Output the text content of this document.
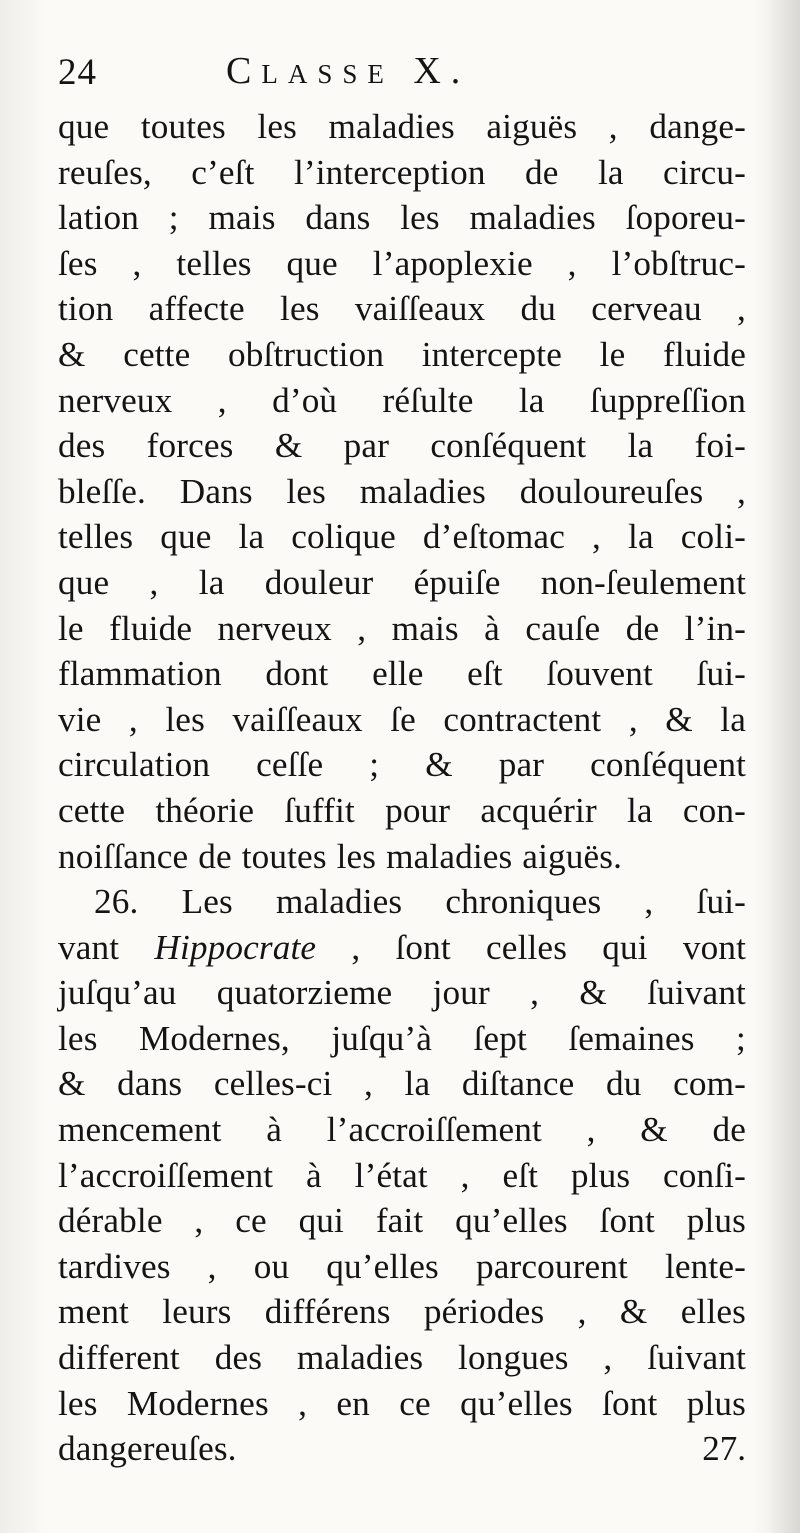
24	Classe X.
que toutes les maladies aiguës , dange-
reuſes, c’eſt l’interception de la circu-
lation ; mais dans les maladies ſoporeu-
ſes , telles que l’apoplexie , l’obſtruc-
tion affecte les vaiſſeaux du cerveau ,
& cette obſtruction intercepte le fluide
nerveux , d’où réſulte la ſuppreſſion
des forces & par conſéquent la foi-
bleſſe. Dans les maladies douloureuſes ,
telles que la colique d’eſtomac , la coli-
que , la douleur épuiſe non-ſeulement
le fluide nerveux , mais à cauſe de l’in-
flammation dont elle eſt ſouvent ſui-
vie , les vaiſſeaux ſe contractent , & la
circulation ceſſe ; & par conſéquent
cette théorie ſuffit pour acquérir la con-
noiſſance de toutes les maladies aiguës.
26. Les maladies chroniques , ſui-
vant Hippocrate , ſont celles qui vont
juſqu’au quatorzieme jour , & ſuivant
les Modernes, juſqu’à ſept ſemaines ;
& dans celles-ci , la diſtance du com-
mencement à l’accroiſſement , & de
l’accroiſſement à l’état , eſt plus conſi-
dérable , ce qui fait qu’elles ſont plus
tardives , ou qu’elles parcourent lente-
ment leurs différens périodes , & elles
different des maladies longues , ſuivant
les Modernes , en ce qu’elles ſont plus
dangereuſes.	27.
